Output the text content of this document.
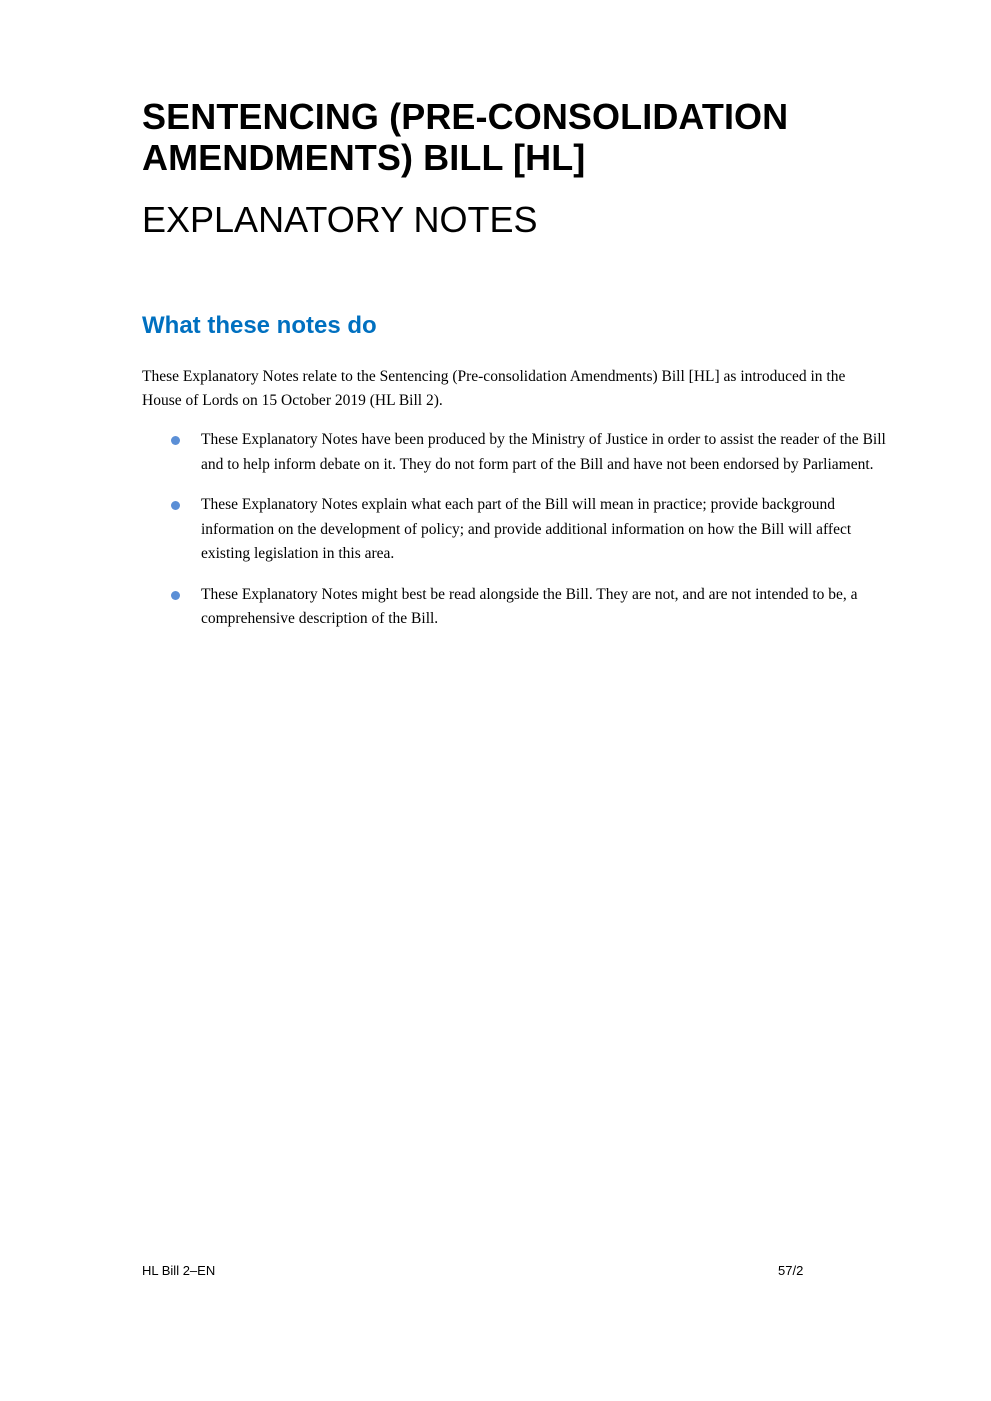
SENTENCING (PRE-CONSOLIDATION AMENDMENTS) BILL [HL]
EXPLANATORY NOTES
What these notes do

These Explanatory Notes relate to the Sentencing (Pre-consolidation Amendments) Bill [HL] as introduced in the House of Lords on 15 October 2019 (HL Bill 2).

These Explanatory Notes have been produced by the Ministry of Justice in order to assist the reader of the Bill and to help inform debate on it. They do not form part of the Bill and have not been endorsed by Parliament.
These Explanatory Notes explain what each part of the Bill will mean in practice; provide background information on the development of policy; and provide additional information on how the Bill will affect existing legislation in this area.
These Explanatory Notes might best be read alongside the Bill. They are not, and are not intended to be, a comprehensive description of the Bill.

HL Bill 2–EN	57/2
